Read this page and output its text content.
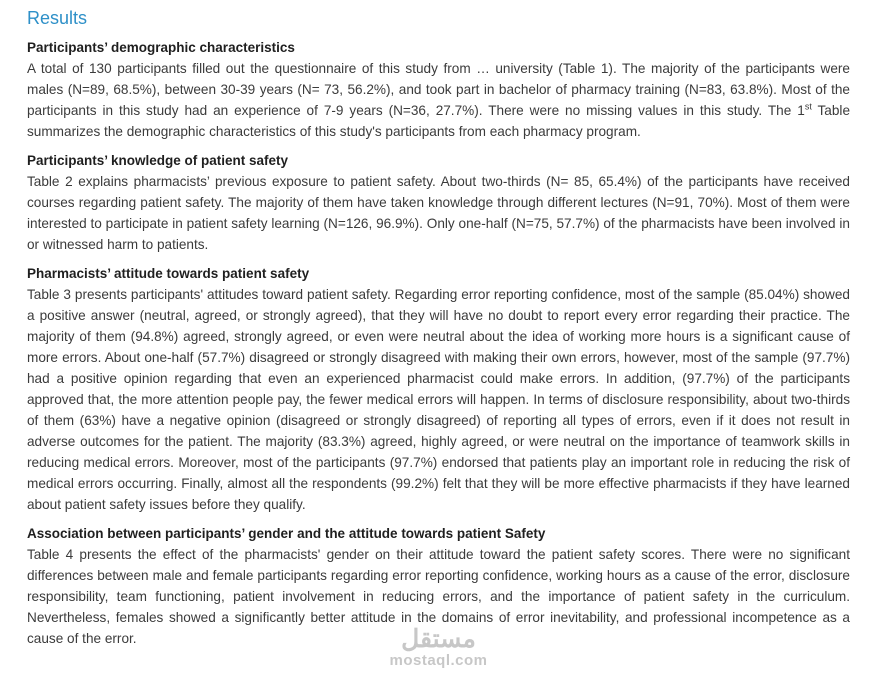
Results
Participants’ demographic characteristics

A total of 130 participants filled out the questionnaire of this study from … university (Table 1). The majority of the participants were males (N=89, 68.5%), between 30-39 years (N= 73, 56.2%), and took part in bachelor of pharmacy training (N=83, 63.8%). Most of the participants in this study had an experience of 7-9 years (N=36, 27.7%). There were no missing values in this study. The 1st Table summarizes the demographic characteristics of this study's participants from each pharmacy program.

Participants’ knowledge of patient safety

Table 2 explains pharmacists’ previous exposure to patient safety. About two-thirds (N= 85, 65.4%) of the participants have received courses regarding patient safety. The majority of them have taken knowledge through different lectures (N=91, 70%). Most of them were interested to participate in patient safety learning (N=126, 96.9%). Only one-half (N=75, 57.7%) of the pharmacists have been involved in or witnessed harm to patients.

Pharmacists’ attitude towards patient safety

Table 3 presents participants' attitudes toward patient safety. Regarding error reporting confidence, most of the sample (85.04%) showed a positive answer (neutral, agreed, or strongly agreed), that they will have no doubt to report every error regarding their practice. The majority of them (94.8%) agreed, strongly agreed, or even were neutral about the idea of working more hours is a significant cause of more errors. About one-half (57.7%) disagreed or strongly disagreed with making their own errors, however, most of the sample (97.7%) had a positive opinion regarding that even an experienced pharmacist could make errors. In addition, (97.7%) of the participants approved that, the more attention people pay, the fewer medical errors will happen. In terms of disclosure responsibility, about two-thirds of them (63%) have a negative opinion (disagreed or strongly disagreed) of reporting all types of errors, even if it does not result in adverse outcomes for the patient. The majority (83.3%) agreed, highly agreed, or were neutral on the importance of teamwork skills in reducing medical errors. Moreover, most of the participants (97.7%) endorsed that patients play an important role in reducing the risk of medical errors occurring. Finally, almost all the respondents (99.2%) felt that they will be more effective pharmacists if they have learned about patient safety issues before they qualify.

Association between participants’ gender and the attitude towards patient Safety

Table 4 presents the effect of the pharmacists' gender on their attitude toward the patient safety scores. There were no significant differences between male and female participants regarding error reporting confidence, working hours as a cause of the error, disclosure responsibility, team functioning, patient involvement in reducing errors, and the importance of patient safety in the curriculum. Nevertheless, females showed a significantly better attitude in the domains of error inevitability, and professional incompetence as a cause of the error.	مستقل
mostaql.com
